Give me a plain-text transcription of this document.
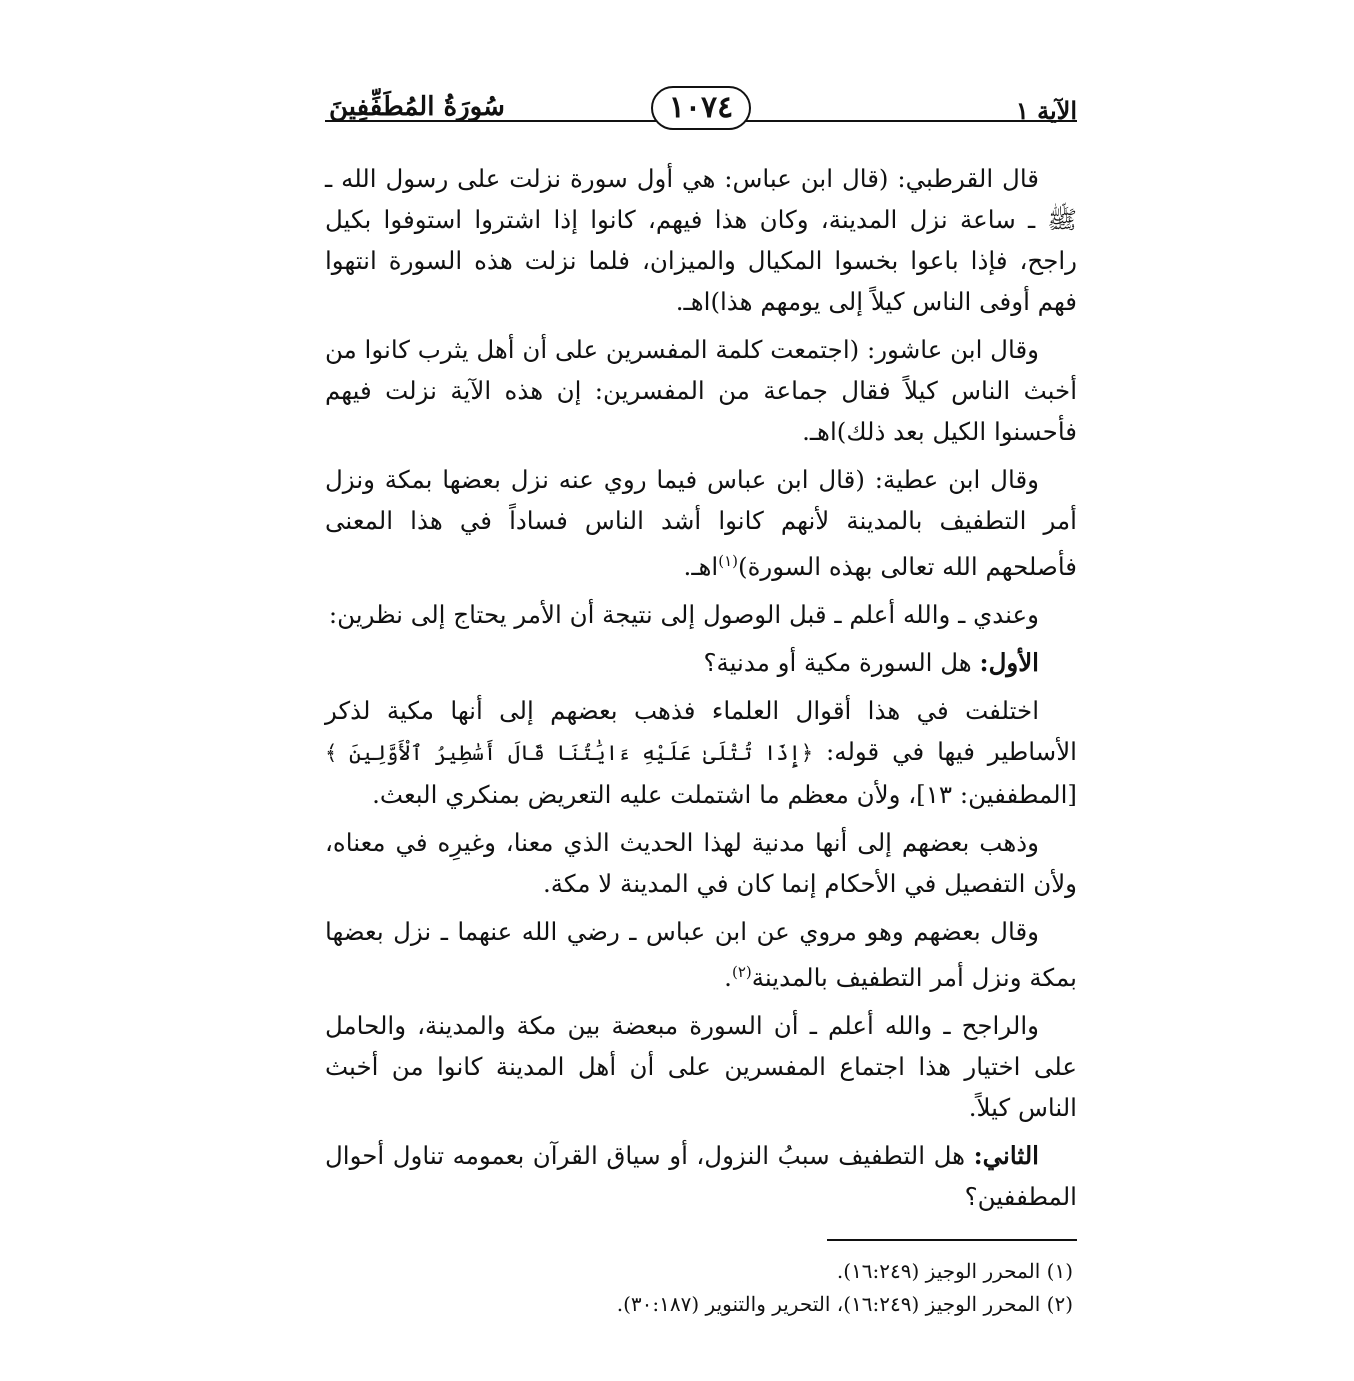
الآية ١
١٠٧٤
سُورَةُ المُطَفِّفِينَ

قال القرطبي: (قال ابن عباس: هي أول سورة نزلت على رسول الله ـ ﷺ ـ ساعة نزل المدينة، وكان هذا فيهم، كانوا إذا اشتروا استوفوا بكيل راجح، فإذا باعوا بخسوا المكيال والميزان، فلما نزلت هذه السورة انتهوا فهم أوفى الناس كيلاً إلى يومهم هذا)اهـ.

وقال ابن عاشور: (اجتمعت كلمة المفسرين على أن أهل يثرب كانوا من أخبث الناس كيلاً فقال جماعة من المفسرين: إن هذه الآية نزلت فيهم فأحسنوا الكيل بعد ذلك)اهـ.

وقال ابن عطية: (قال ابن عباس فيما روي عنه نزل بعضها بمكة ونزل أمر التطفيف بالمدينة لأنهم كانوا أشد الناس فساداً في هذا المعنى فأصلحهم الله تعالى بهذه السورة)$^{(١)}$اهـ.

وعندي ـ والله أعلم ـ قبل الوصول إلى نتيجة أن الأمر يحتاج إلى نظرين:

الأول: هل السورة مكية أو مدنية؟

اختلفت في هذا أقوال العلماء فذهب بعضهم إلى أنها مكية لذكر الأساطير فيها في قوله: ﴿إِذَا تُتْلَىٰ عَلَيْهِ ءَايَٰتُنَا قَالَ أَسَٰطِيرُ ٱلْأَوَّلِينَ ﴾ [المطففين: ١٣]، ولأن معظم ما اشتملت عليه التعريض بمنكري البعث.

وذهب بعضهم إلى أنها مدنية لهذا الحديث الذي معنا، وغيرِه في معناه، ولأن التفصيل في الأحكام إنما كان في المدينة لا مكة.

وقال بعضهم وهو مروي عن ابن عباس ـ رضي الله عنهما ـ نزل بعضها بمكة ونزل أمر التطفيف بالمدينة$^{(٢)}$.

والراجح ـ والله أعلم ـ أن السورة مبعضة بين مكة والمدينة، والحامل على اختيار هذا اجتماع المفسرين على أن أهل المدينة كانوا من أخبث الناس كيلاً.

الثاني: هل التطفيف سببُ النزول، أو سياق القرآن بعمومه تناول أحوال المطففين؟

(١) المحرر الوجيز (١٦:٢٤٩).

(٢) المحرر الوجيز (١٦:٢٤٩)، التحرير والتنوير (٣٠:١٨٧).
